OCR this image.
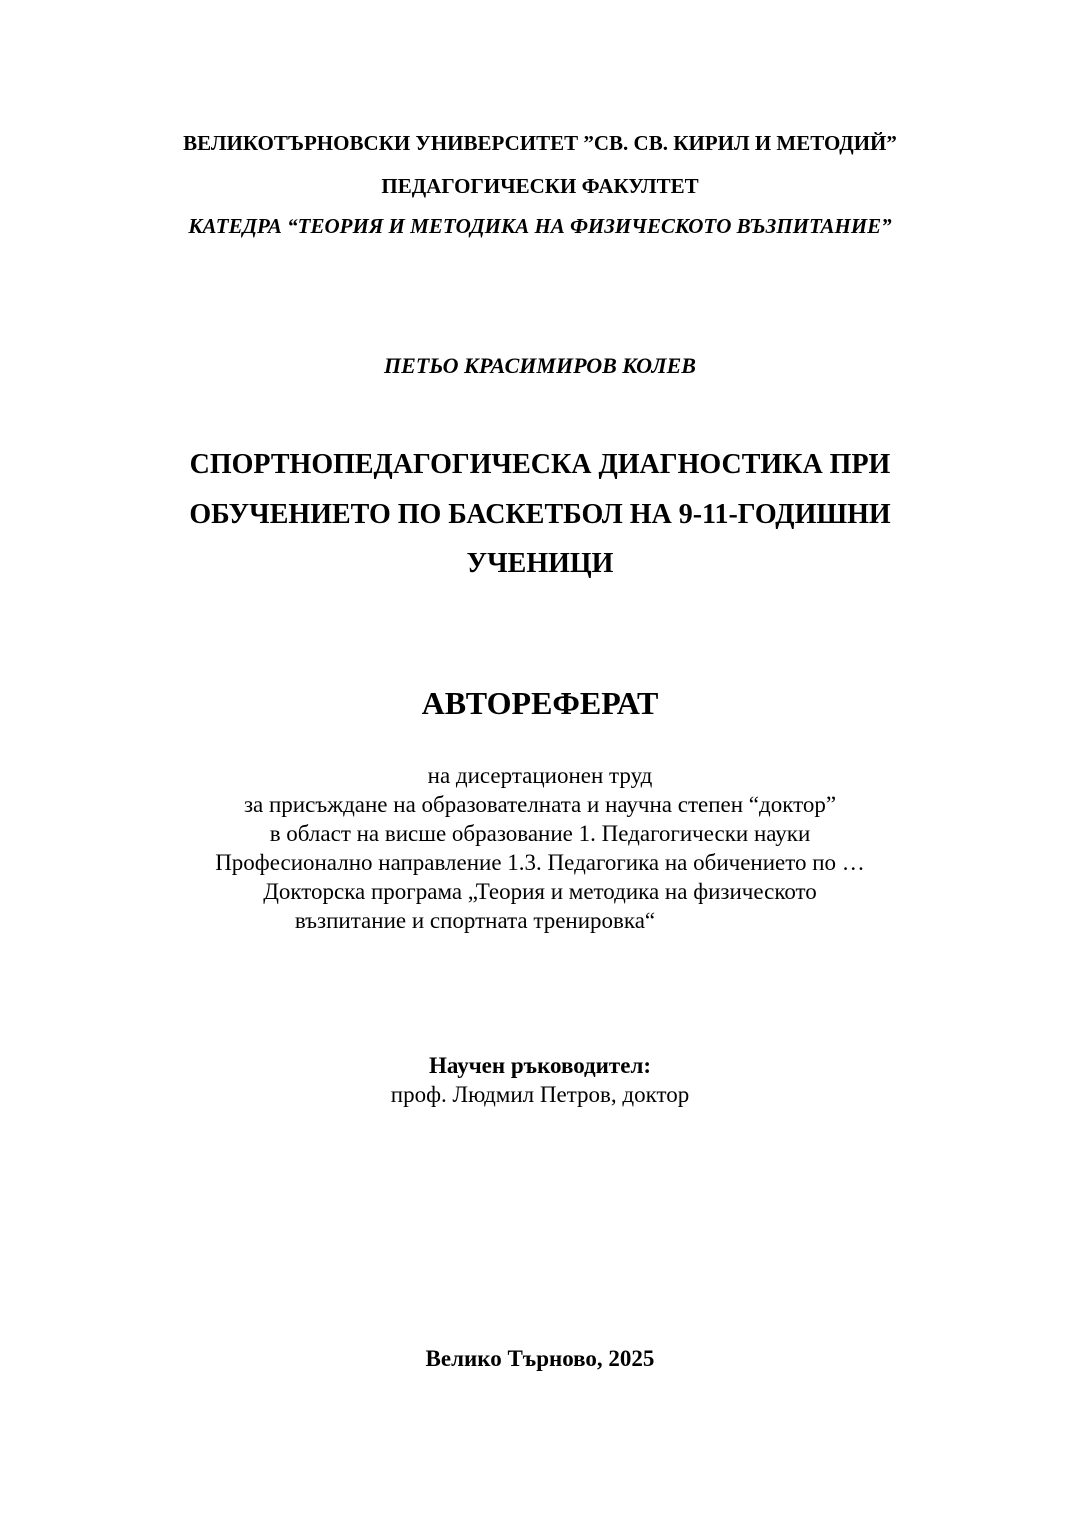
ВЕЛИКОТЪРНОВСКИ УНИВЕРСИТЕТ ”СВ. СВ. КИРИЛ И МЕТОДИЙ”
ПЕДАГОГИЧЕСКИ ФАКУЛТЕТ
КАТЕДРА “ТЕОРИЯ И МЕТОДИКА НА ФИЗИЧЕСКОТО ВЪЗПИТАНИЕ”
ПЕТЬО КРАСИМИРОВ КОЛЕВ
СПОРТНОПЕДАГОГИЧЕСКА ДИАГНОСТИКА ПРИ
ОБУЧЕНИЕТО ПО БАСКЕТБОЛ НА 9-11-ГОДИШНИ
УЧЕНИЦИ
АВТОРЕФЕРАТ
на дисертационен труд
за присъждане на образователната и научна степен “доктор”
в област на висше образование 1. Педагогически науки
Професионално направление 1.3. Педагогика на обичението по …
Докторска програма „Теория и методика на физическото
възпитание и спортната тренировка“
Научен ръководител:
проф. Людмил Петров, доктор
Велико Търново, 2025
